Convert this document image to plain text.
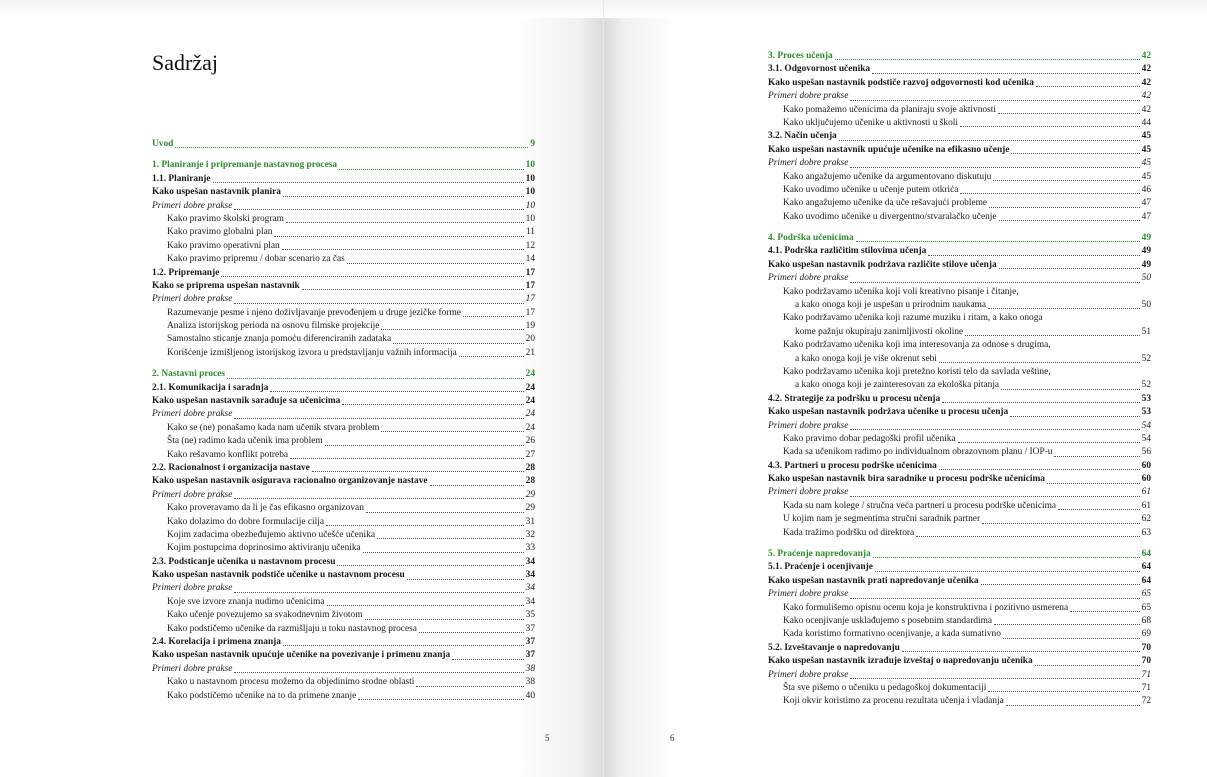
Sadržaj
Uvod	9
1. Planiranje i pripremanje nastavnog procesa	10
1.1. Planiranje	10
Kako uspešan nastavnik planira	10
Primeri dobre prakse	10
Kako pravimo školski program	10
Kako pravimo globalni plan	11
Kako pravimo operativni plan	12
Kako pravimo pripremu / dobar scenario za čas	14
1.2. Pripremanje	17
Kako se priprema uspešan nastavnik	17
Primeri dobre prakse	17
Razumevanje pesme i njeno doživljavanje prevođenjem u druge jezičke forme	17
Analiza istorijskog perioda na osnovu filmske projekcije	19
Samostalno sticanje znanja pomoću diferenciranih zadataka	20
Korišćenje izmišljenog istorijskog izvora u predstavljanju važnih informacija	21
2. Nastavni proces	24
2.1. Komunikacija i saradnja	24
Kako uspešan nastavnik sarađuje sa učenicima	24
Primeri dobre prakse	24
Kako se (ne) ponašamo kada nam učenik stvara problem	24
Šta (ne) radimo kada učenik ima problem	26
Kako rešavamo konflikt potreba	27
2.2. Racionalnost i organizacija nastave	28
Kako uspešan nastavnik osigurava racionalno organizovanje nastave	28
Primeri dobre prakse	29
Kako proveravamo da li je čas efikasno organizovan	29
Kako dolazimo do dobre formulacije cilja	31
Kojim zadacima obezbeđujemo aktivno učešće učenika	32
Kojim postupcima doprinosimo aktiviranju učenika	33
2.3. Podsticanje učenika u nastavnom procesu	34
Kako uspešan nastavnik podstiče učenike u nastavnom procesu	34
Primeri dobre prakse	34
Koje sve izvore znanja nudimo učenicima	34
Kako učenje povezujemo sa svakodnevnim životom	35
Kako podstičemo učenike da razmišljaju u toku nastavnog procesa	37
2.4. Korelacija i primena znanja	37
Kako uspešan nastavnik upućuje učenike na povezivanje i primenu znanja	37
Primeri dobre prakse	38
Kako u nastavnom procesu možemo da objedinimo srodne oblasti	38
Kako podstičemo učenike na to da primene znanje	40
5	6
3. Proces učenja	42
3.1. Odgovornost učenika	42
Kako uspešan nastavnik podstiče razvoj odgovornosti kod učenika	42
Primeri dobre prakse	42
Kako pomažemo učenicima da planiraju svoje aktivnosti	42
Kako uključujemo učenike u aktivnosti u školi	44
3.2. Način učenja	45
Kako uspešan nastavnik upućuje učenike na efikasno učenje	45
Primeri dobre prakse	45
Kako angažujemo učenike da argumentovano diskutuju	45
Kako uvodimo učenike u učenje putem otkrića	46
Kako angažujemo učenike da uče rešavajući probleme	47
Kako uvodimo učenike u divergentno/stvaralačko učenje	47
4. Podrška učenicima	49
4.1. Podrška različitim stilovima učenja	49
Kako uspešan nastavnik podržava različite stilove učenja	49
Primeri dobre prakse	50
Kako podržavamo učenika koji voli kreativno pisanje i čitanje,
a kako onoga koji je uspešan u prirodnim naukama	50
Kako podržavamo učenika koji razume muziku i ritam, a kako onoga
kome pažnju okupiraju zanimljivosti okoline	51
Kako podržavamo učenika koji ima interesovanja za odnose s drugima,
a kako onoga koji je više okrenut sebi	52
Kako podržavamo učenika koji pretežno koristi telo da savlada veštine,
a kako onoga koji je zainteresovan za ekološka pitanja	52
4.2. Strategije za podršku u procesu učenja	53
Kako uspešan nastavnik podržava učenike u procesu učenja	53
Primeri dobre prakse	54
Kako pravimo dobar pedagoški profil učenika	54
Kada sa učenikom radimo po individualnom obrazovnom planu / IOP-u	56
4.3. Partneri u procesu podrške učenicima	60
Kako uspešan nastavnik bira saradnike u procesu podrške učenicima	60
Primeri dobre prakse	61
Kada su nam kolege / stručna veća partneri u procesu podrške učenicima	61
U kojim nam je segmentima stručni saradnik partner	62
Kada tražimo podršku od direktora	63
5. Praćenje napredovanja	64
5.1. Praćenje i ocenjivanje	64
Kako uspešan nastavnik prati napredovanje učenika	64
Primeri dobre prakse	65
Kako formulišemo opisnu ocenu koja je konstruktivna i pozitivno usmerena	65
Kako ocenjivanje usklađujemo s posebnim standardima	68
Kada koristimo formativno ocenjivanje, a kada sumativno	69
5.2. Izveštavanje o napredovanju	70
Kako uspešan nastavnik izrađuje izveštaj o napredovanju učenika	70
Primeri dobre prakse	71
Šta sve pišemo o učeniku u pedagoškoj dokumentaciji	71
Koji okvir koristimo za procenu rezultata učenja i vladanja	72
